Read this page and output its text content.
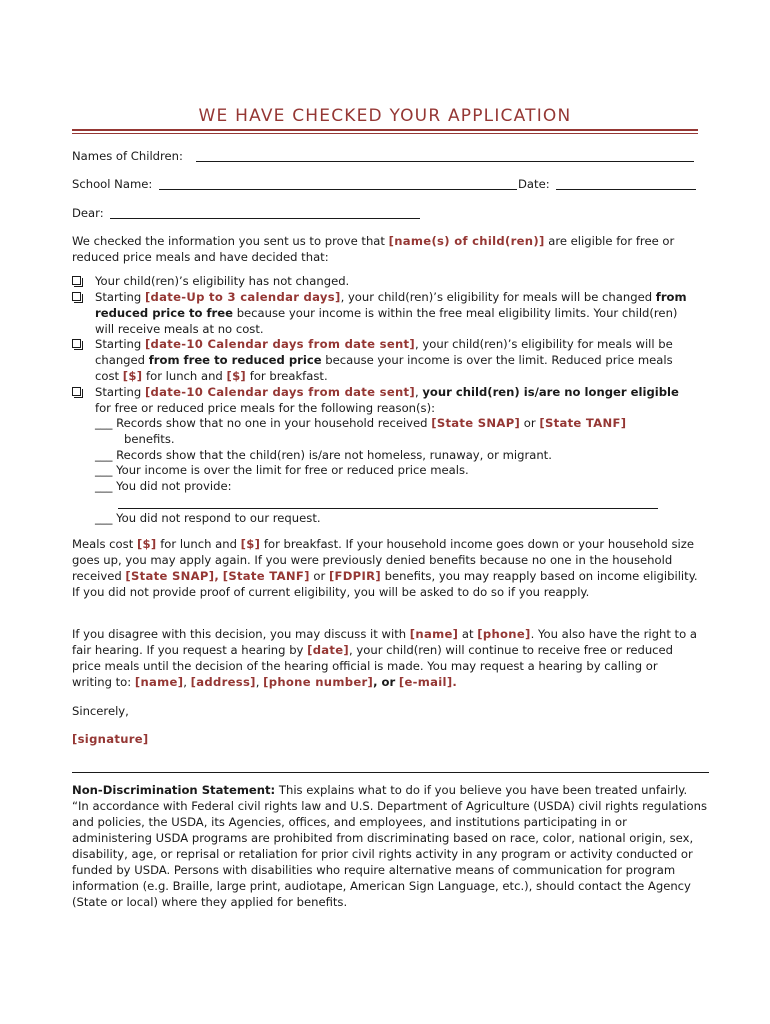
WE HAVE CHECKED YOUR APPLICATION
Names of Children:
School Name:	Date:
Dear:
We checked the information you sent us to prove that [name(s) of child(ren)] are eligible for free or reduced price meals and have decided that:
Your child(ren)’s eligibility has not changed.
Starting [date-Up to 3 calendar days], your child(ren)’s eligibility for meals will be changed from reduced price to free because your income is within the free meal eligibility limits. Your child(ren) will receive meals at no cost.
Starting [date-10 Calendar days from date sent], your child(ren)’s eligibility for meals will be changed from free to reduced price because your income is over the limit. Reduced price meals cost [$] for lunch and [$] for breakfast.
Starting [date-10 Calendar days from date sent], your child(ren) is/are no longer eligible for free or reduced price meals for the following reason(s):
___ Records show that no one in your household received [State SNAP] or [State TANF]
benefits.
___ Records show that the child(ren) is/are not homeless, runaway, or migrant.
___ Your income is over the limit for free or reduced price meals.
___ You did not provide:
___ You did not respond to our request.
Meals cost [$] for lunch and [$] for breakfast. If your household income goes down or your household size goes up, you may apply again. If you were previously denied benefits because no one in the household received [State SNAP], [State TANF] or [FDPIR] benefits, you may reapply based on income eligibility. If you did not provide proof of current eligibility, you will be asked to do so if you reapply.
If you disagree with this decision, you may discuss it with [name] at [phone]. You also have the right to a fair hearing. If you request a hearing by [date], your child(ren) will continue to receive free or reduced price meals until the decision of the hearing official is made. You may request a hearing by calling or writing to: [name], [address], [phone number], or [e-mail].
Sincerely,
[signature]
Non-Discrimination Statement: This explains what to do if you believe you have been treated unfairly.
“In accordance with Federal civil rights law and U.S. Department of Agriculture (USDA) civil rights regulations and policies, the USDA, its Agencies, offices, and employees, and institutions participating in or administering USDA programs are prohibited from discriminating based on race, color, national origin, sex, disability, age, or reprisal or retaliation for prior civil rights activity in any program or activity conducted or funded by USDA. Persons with disabilities who require alternative means of communication for program information (e.g. Braille, large print, audiotape, American Sign Language, etc.), should contact the Agency (State or local) where they applied for benefits.
